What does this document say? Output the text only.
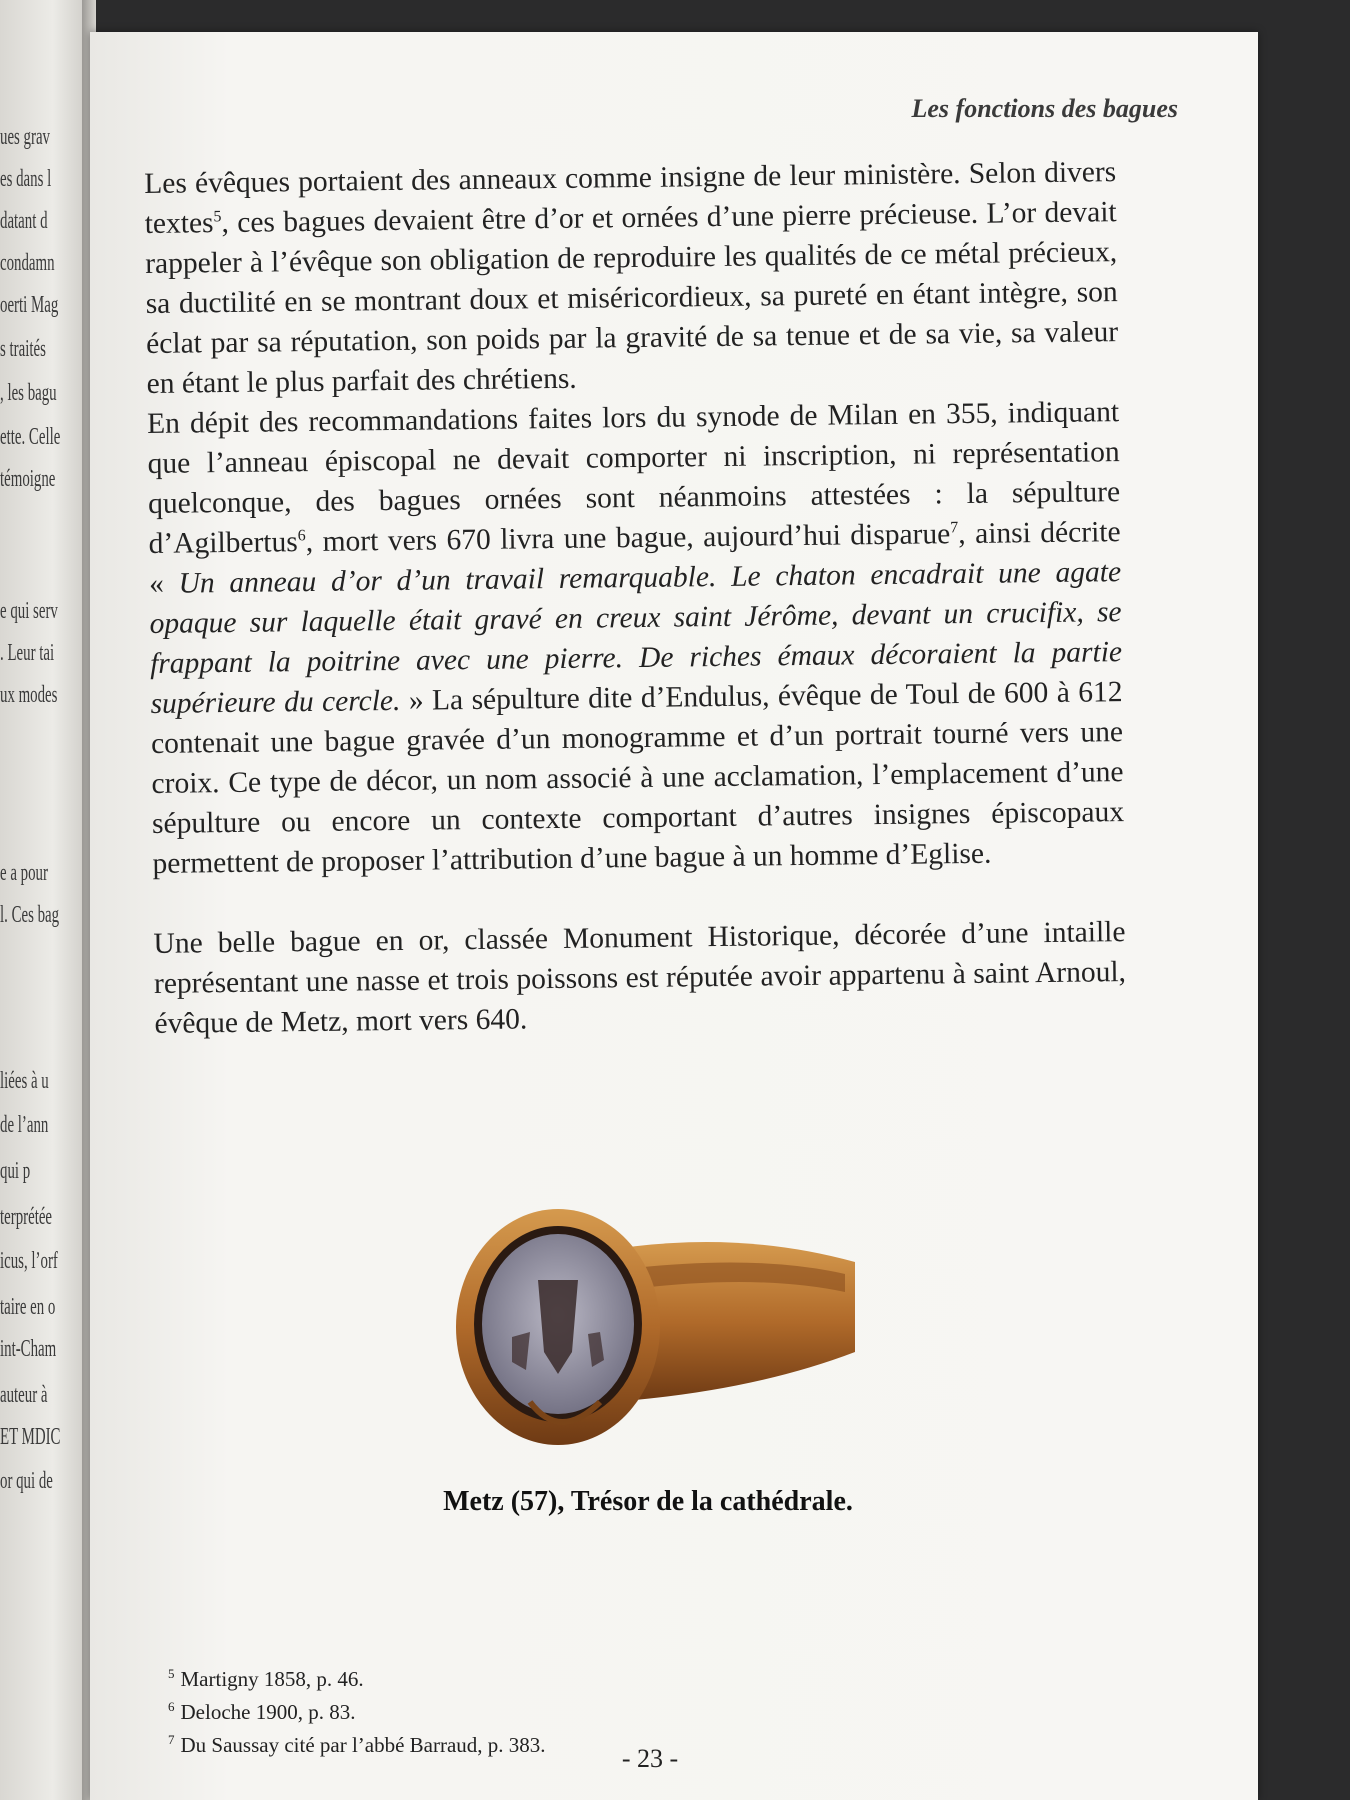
ues grav
es dans l
datant d
condamn
oerti Mag
s traités
, les bagu
ette. Celle
témoigne
e qui serv
. Leur tai
ux modes
e a pour
l. Ces bag
liées à u
de l’ann
qui p
terprétée
icus, l’orf
taire en o
int-Cham
auteur à
ET MDIC
or qui de
Les fonctions des bagues

Les évêques portaient des anneaux comme insigne de leur ministère. Selon divers textes$^5$, ces bagues devaient être d’or et ornées d’une pierre précieuse. L’or devait rappeler à l’évêque son obligation de reproduire les qualités de ce métal précieux, sa ductilité en se montrant doux et miséricordieux, sa pureté en étant intègre, son éclat par sa réputation, son poids par la gravité de sa tenue et de sa vie, sa valeur en étant le plus parfait des chrétiens.

En dépit des recommandations faites lors du synode de Milan en 355, indiquant que l’anneau épiscopal ne devait comporter ni inscription, ni représentation quelconque, des bagues ornées sont néanmoins attestées : la sépulture d’Agilbertus$^6$, mort vers 670 livra une bague, aujourd’hui disparue$^7$, ainsi décrite « Un anneau d’or d’un travail remarquable. Le chaton encadrait une agate opaque sur laquelle était gravé en creux saint Jérôme, devant un crucifix, se frappant la poitrine avec une pierre. De riches émaux décoraient la partie supérieure du cercle. » La sépulture dite d’Endulus, évêque de Toul de 600 à 612 contenait une bague gravée d’un monogramme et d’un portrait tourné vers une croix. Ce type de décor, un nom associé à une acclamation, l’emplacement d’une sépulture ou encore un contexte comportant d’autres insignes épiscopaux permettent de proposer l’attribution d’une bague à un homme d’Eglise.

Une belle bague en or, classée Monument Historique, décorée d’une intaille représentant une nasse et trois poissons est réputée avoir appartenu à saint Arnoul, évêque de Metz, mort vers 640.

Metz (57), Trésor de la cathédrale.
$^5$ Martigny 1858, p. 46.
$^6$ Deloche 1900, p. 83.
$^7$ Du Saussay cité par l’abbé Barraud, p. 383.	- 23 -
